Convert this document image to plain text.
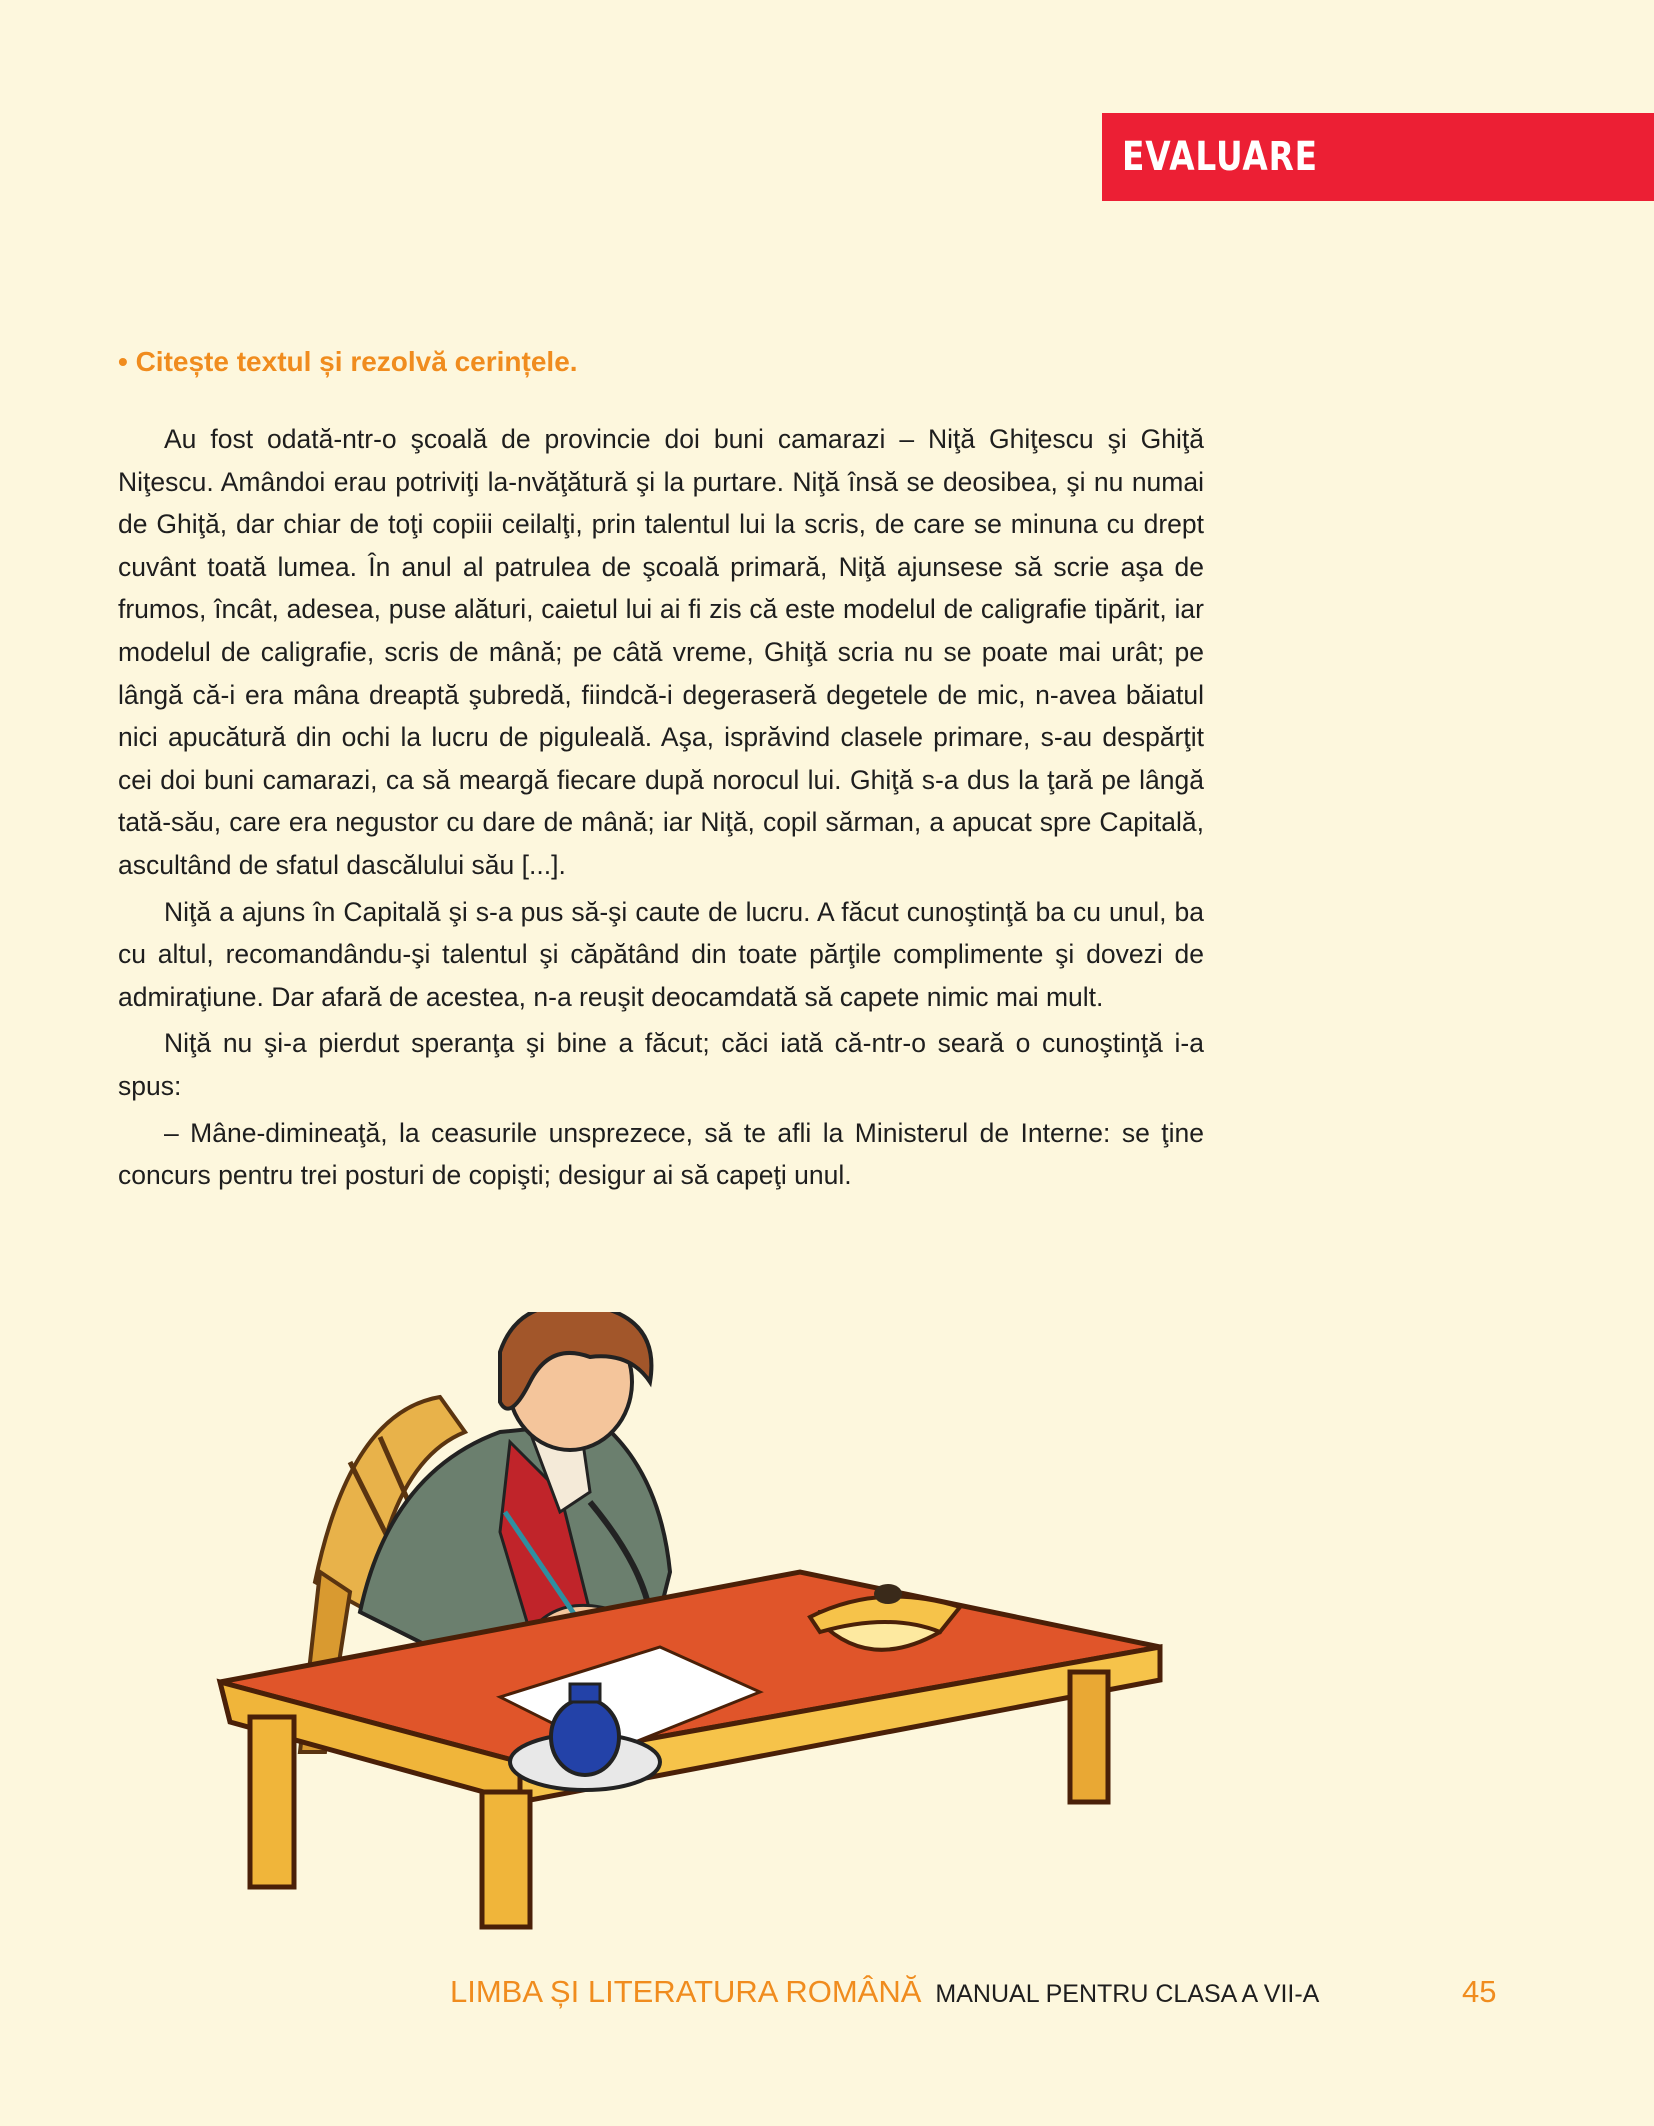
EVALUARE
• Citește textul și rezolvă cerințele.

Au fost odată-ntr-o şcoală de provincie doi buni camarazi – Niţă Ghiţescu şi Ghiţă Niţescu. Amândoi erau potriviţi la-nvăţătură şi la purtare. Niţă însă se deosibea, şi nu numai de Ghiţă, dar chiar de toţi copiii ceilalţi, prin talentul lui la scris, de care se minuna cu drept cuvânt toată lumea. În anul al patrulea de şcoală primară, Niţă ajunsese să scrie aşa de frumos, încât, adesea, puse alături, caietul lui ai fi zis că este modelul de caligrafie tipărit, iar modelul de caligrafie, scris de mână; pe câtă vreme, Ghiţă scria nu se poate mai urât; pe lângă că-i era mâna dreaptă şubredă, fiindcă-i degeraseră degetele de mic, n-avea băiatul nici apucătură din ochi la lucru de piguleală. Aşa, isprăvind clasele primare, s-au despărţit cei doi buni camarazi, ca să meargă fiecare după norocul lui. Ghiţă s-a dus la ţară pe lângă tată-său, care era negustor cu dare de mână; iar Niţă, copil sărman, a apucat spre Capitală, ascultând de sfatul dascălului său [...].

Niţă a ajuns în Capitală şi s-a pus să-şi caute de lucru. A făcut cunoştinţă ba cu unul, ba cu altul, recomandându-şi talentul şi căpătând din toate părţile complimente şi dovezi de admiraţiune. Dar afară de acestea, n-a reuşit deocamdată să capete nimic mai mult.

Niţă nu şi-a pierdut speranţa şi bine a făcut; căci iată că-ntr-o seară o cunoştinţă i-a spus:

– Mâne-dimineaţă, la ceasurile unsprezece, să te afli la Ministerul de Interne: se ţine concurs pentru trei posturi de copişti; desigur ai să capeţi unul.

LIMBA ȘI LITERATURA ROMÂNĂ MANUAL PENTRU CLASA A VII-A	45
